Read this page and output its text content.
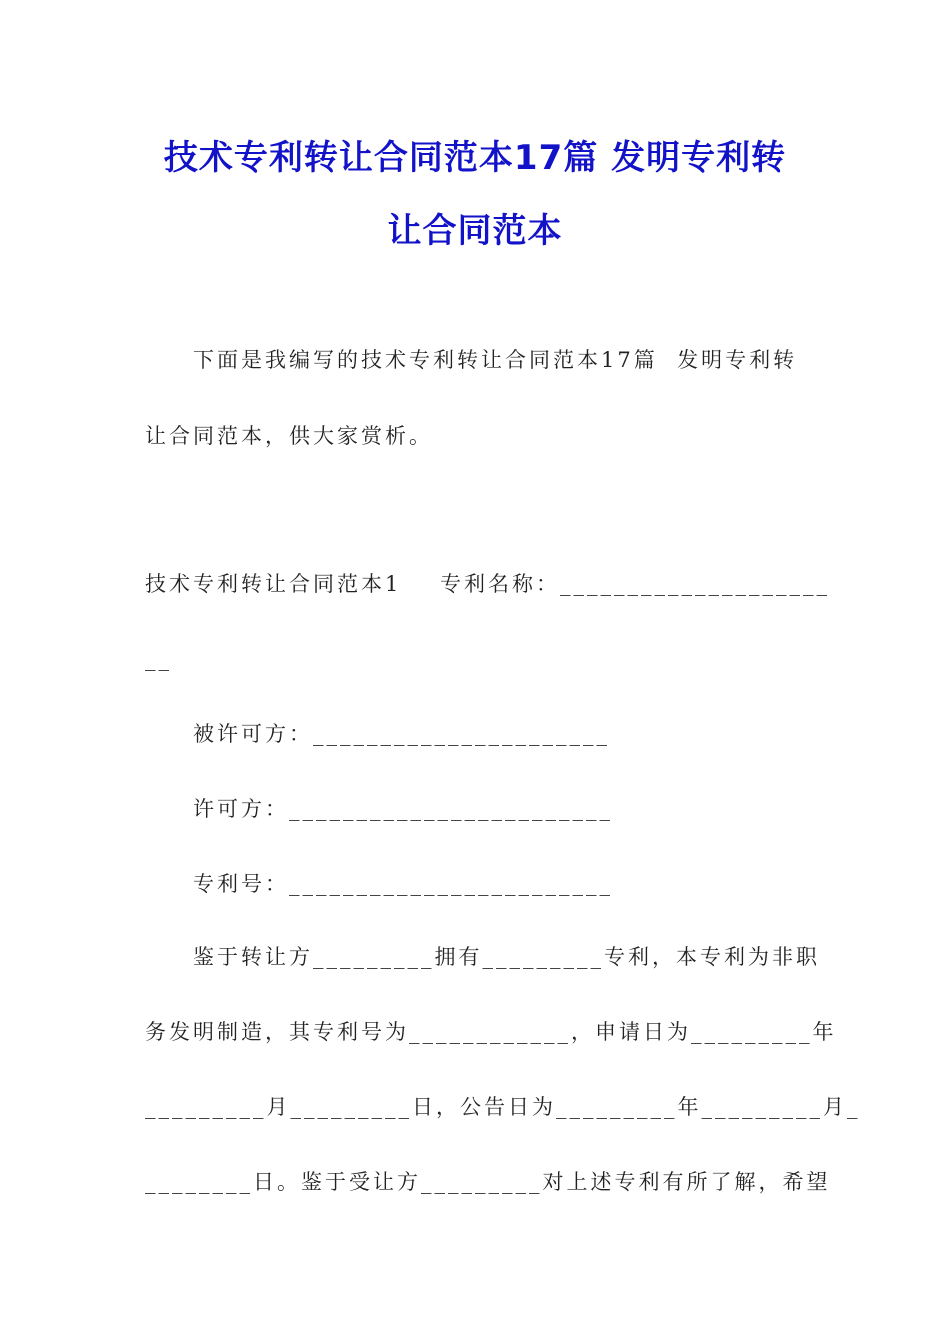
技术专利转让合同范本17篇 发明专利转
让合同范本
下面是我编写的技术专利转让合同范本17篇  发明专利转
让合同范本，供大家赏析。
技术专利转让合同范本1    专利名称：____________________
__
被许可方：______________________
许可方：________________________
专利号：________________________
鉴于转让方_________拥有_________专利，本专利为非职
务发明制造，其专利号为____________，申请日为_________年
_________月_________日，公告日为_________年_________月_
________日。鉴于受让方_________对上述专利有所了解，希望
